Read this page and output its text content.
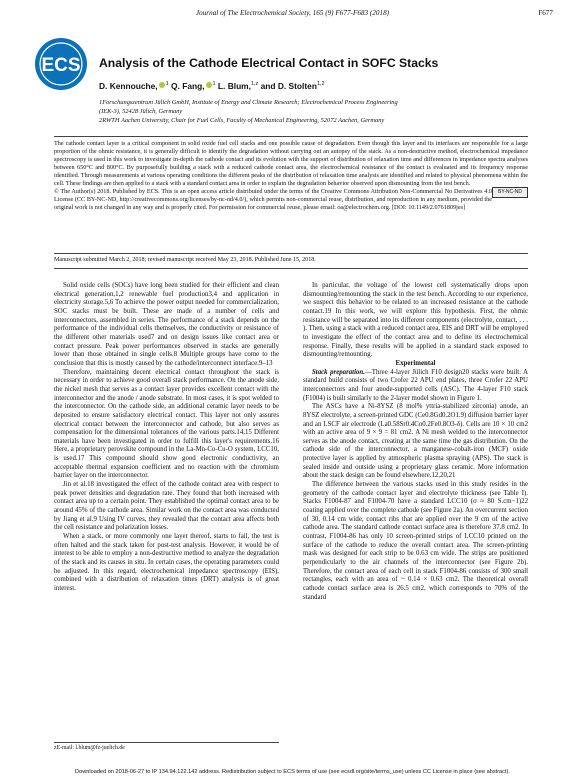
Journal of The Electrochemical Society, 165 (9) F677-F683 (2018)	F677
ECS Analysis of the Cathode Electrical Contact in SOFC Stacks
D. Kennouche, $^1$ Q. Fang, $^1$ L. Blum,$^{1,z}$ and D. Stolten$^{1,2}$
1Forschungszentrum Jülich GmbH, Institute of Energy and Climate Research; Electrochemical Process Engineering
(IEK-3), 52428 Jülich, Germany
2RWTH Aachen University, Chair for Fuel Cells, Faculty of Mechanical Engineering, 52072 Aachen, Germany

The cathode contact layer is a critical component in solid oxide fuel cell stacks and one possible cause of degradation. Even though this layer and its interfaces are responsible for a large proportion of the ohmic resistance, it is generally difficult to identify the degradation without carrying out an autopsy of the stack. As a non-destructive method, electrochemical impedance spectroscopy is used in this work to investigate in-depth the cathode contact and its evolution with the support of distribution of relaxation time and differences in impedance spectra analyses between 650°C and 800°C. By purposefully building a stack with a reduced cathode contact area, the electrochemical resistance of the contact is evaluated and its frequency response identified. Through measurements at various operating conditions the different peaks of the distribution of relaxation time analysis are identified and related to physical phenomena within the cell. These findings are then applied to a stack with a standard contact area in order to explain the degradation behavior observed upon dismounting from the test bench.

BY-NC-ND
© The Author(s) 2018. Published by ECS. This is an open access article distributed under the terms of the Creative Commons Attribution Non-Commercial No Derivatives 4.0 License (CC BY-NC-ND, http://creativecommons.org/licenses/by-nc-nd/4.0/), which permits non-commercial reuse, distribution, and reproduction in any medium, provided the original work is not changed in any way and is properly cited. For permission for commercial reuse, please email: oa@electrochem.org. [DOI: 10.1149/2.0761809jes]

Manuscript submitted March 2, 2018; revised manuscript received May 23, 2018. Published June 15, 2018.

Solid oxide cells (SOCs) have long been studied for their efficient and clean electrical generation,1,2 renewable fuel production3,4 and application in electricity storage.5,6 To achieve the power output needed for commercialization, SOC stacks must be built. These are made of a number of cells and interconnectors, assembled in series. The performance of a stack depends on the performance of the individual cells themselves, the conductivity or resistance of the different other materials used7 and on design issues like contact area or contact pressure. Peak power performances observed in stacks are generally lower than those obtained in single cells.8 Multiple groups have come to the conclusion that this is mostly caused by the cathode/interconnect interface.9–13

Therefore, maintaining decent electrical contact throughout the stack is necessary in order to achieve good overall stack performance. On the anode side, the nickel mesh that serves as a contact layer provides excellent contact with the interconnector and the anode / anode substrate. In most cases, it is spot welded to the interconnector. On the cathode side, an additional ceramic layer needs to be deposited to ensure satisfactory electrical contact. This layer not only assures electrical contact between the interconnector and cathode, but also serves as compensation for the dimensional tolerances of the various parts.14,15 Different materials have been investigated in order to fulfill this layer's requirements.16 Here, a proprietary perovskite compound in the La-Mn-Co-Cu-O system, LCC10, is used.17 This compound should show good electronic conductivity, an acceptable thermal expansion coefficient and no reaction with the chromium barrier layer on the interconnector.

Jin et al.18 investigated the effect of the cathode contact area with respect to peak power densities and degradation rate. They found that both increased with contact area up to a certain point. They established the optimal contact area to be around 45% of the cathode area. Similar work on the contact area was conducted by Jiang et al.9 Using IV curves, they revealed that the contact area affects both the cell resistance and polarization losses.

When a stack, or more commonly one layer thereof, starts to fail, the test is often halted and the stack taken for post-test analysis. However, it would be of interest to be able to employ a non-destructive method to analyze the degradation of the stack and its causes in situ. In certain cases, the operating parameters could be adjusted. In this regard, electrochemical impedance spectroscopy (EIS), combined with a distribution of relaxation times (DRT) analysis is of great interest.

zE-mail: l.blum@fz-juelich.de

In particular, the voltage of the lowest cell systematically drops upon dismounting/remounting the stack in the test bench. According to our experience, we suspect this behavior to be related to an increased resistance at the cathode contact.19 In this work, we will explore this hypothesis. First, the ohmic resistance will be separated into its different components (electrolyte, contact, . . . ). Then, using a stack with a reduced contact area, EIS and DRT will be employed to investigate the effect of the contact area and to define its electrochemical response. Finally, these results will be applied in a standard stack exposed to dismounting/remounting.

Experimental

Stack preparation.—Three 4-layer Jülich F10 design20 stacks were built. A standard build consists of two Crofer 22 APU end plates, three Crofer 22 APU interconnectors and four anode-supported cells (ASC). The 4-layer F10 stack (F1004) is built similarly to the 2-layer model shown in Figure 1.

The ASCs have a Ni-8YSZ (8 mol% yttria-stabilized zirconia) anode, an 8YSZ electrolyte, a screen-printed GDC (Ce0.8Gd0.2O1.9) diffusion barrier layer and an LSCF air electrode (La0.58Sr0.4Co0.2Fe0.8O3-δ). Cells are 10 × 10 cm2 with an active area of 9 × 9 = 81 cm2. A Ni mesh welded to the interconnector serves as the anode contact, creating at the same time the gas distribution. On the cathode side of the interconnector, a manganese-cobalt-iron (MCF) oxide protective layer is applied by atmospheric plasma spraying (APS). The stack is sealed inside and outside using a proprietary glass ceramic. More information about the stack design can be found elsewhere.12,20,21

The difference between the various stacks used in this study resides in the geometry of the cathode contact layer and electrolyte thickness (see Table I). Stacks F1004-87 and F1004-70 have a standard LCC10 (σ ≈ 80 S.cm−1)22 coating applied over the complete cathode (see Figure 2a). An overcurrent section of 30, 0.14 cm wide, contact ribs that are applied over the 9 cm of the active cathode area. The standard cathode contact surface area is therefore 37.8 cm2. In contrast, F1004-86 has only 10 screen-printed strips of LCC10 printed on the surface of the cathode to reduce the overall contact area. The screen-printing mask was designed for each strip to be 0.63 cm wide. The strips are positioned perpendicularly to the air channels of the interconnector (see Figure 2b). Therefore, the contact area of each cell in stack F1004-86 consists of 300 small rectangles, each with an area of ~ 0.14 × 0.63 cm2. The theoretical overall cathode contact surface area is 26.5 cm2, which corresponds to 70% of the standard

Downloaded on 2018-06-27 to IP 134.94.122.142 address. Redistribution subject to ECS terms of use (see ecsdl.org/site/terms_use) unless CC License in place (see abstract).
